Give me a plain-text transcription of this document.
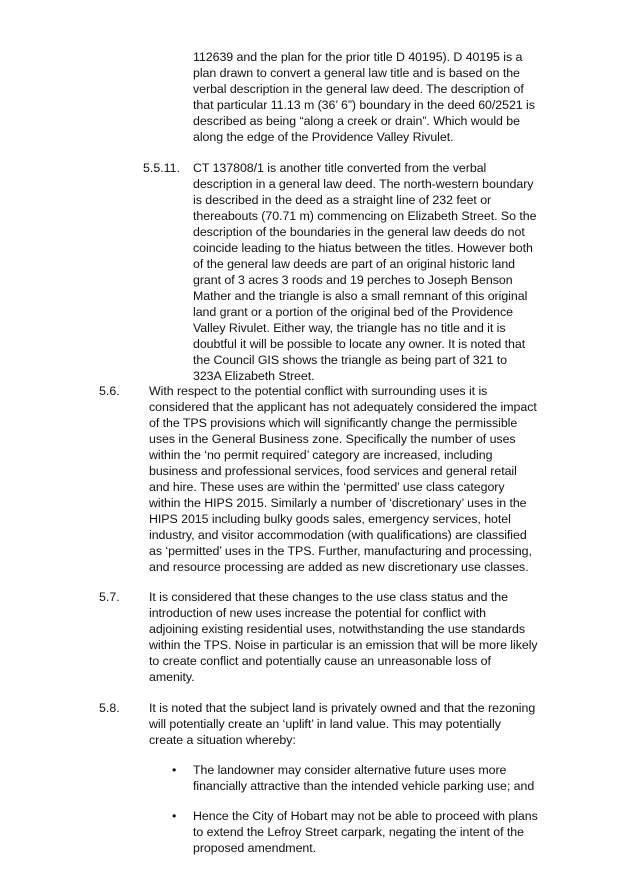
112639 and the plan for the prior title D 40195). D 40195 is a
plan drawn to convert a general law title and is based on the
verbal description in the general law deed. The description of
that particular 11.13 m (36’ 6”) boundary in the deed 60/2521 is
described as being “along a creek or drain”. Which would be
along the edge of the Providence Valley Rivulet.
5.5.11. CT 137808/1 is another title converted from the verbal
description in a general law deed. The north-western boundary
is described in the deed as a straight line of 232 feet or
thereabouts (70.71 m) commencing on Elizabeth Street. So the
description of the boundaries in the general law deeds do not
coincide leading to the hiatus between the titles. However both
of the general law deeds are part of an original historic land
grant of 3 acres 3 roods and 19 perches to Joseph Benson
Mather and the triangle is also a small remnant of this original
land grant or a portion of the original bed of the Providence
Valley Rivulet. Either way, the triangle has no title and it is
doubtful it will be possible to locate any owner. It is noted that
the Council GIS shows the triangle as being part of 321 to
323A Elizabeth Street.
5.6. With respect to the potential conflict with surrounding uses it is
considered that the applicant has not adequately considered the impact
of the TPS provisions which will significantly change the permissible
uses in the General Business zone. Specifically the number of uses
within the ‘no permit required’ category are increased, including
business and professional services, food services and general retail
and hire. These uses are within the ‘permitted’ use class category
within the HIPS 2015. Similarly a number of ‘discretionary’ uses in the
HIPS 2015 including bulky goods sales, emergency services, hotel
industry, and visitor accommodation (with qualifications) are classified
as ‘permitted’ uses in the TPS. Further, manufacturing and processing,
and resource processing are added as new discretionary use classes.
5.7. It is considered that these changes to the use class status and the
introduction of new uses increase the potential for conflict with
adjoining existing residential uses, notwithstanding the use standards
within the TPS. Noise in particular is an emission that will be more likely
to create conflict and potentially cause an unreasonable loss of
amenity.
5.8. It is noted that the subject land is privately owned and that the rezoning
will potentially create an ‘uplift’ in land value. This may potentially
create a situation whereby:
• The landowner may consider alternative future uses more
financially attractive than the intended vehicle parking use; and
• Hence the City of Hobart may not be able to proceed with plans
to extend the Lefroy Street carpark, negating the intent of the
proposed amendment.
